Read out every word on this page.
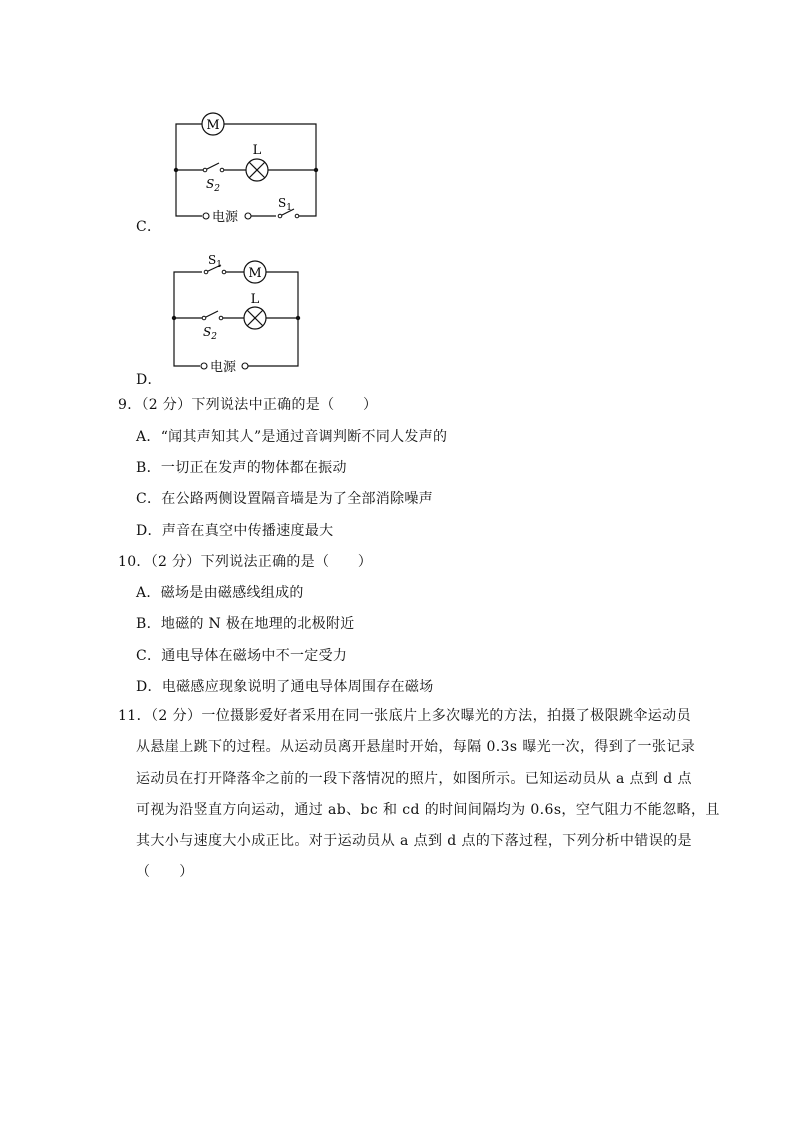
C．
M
L
$S_2$
电源
$S_1$
D．
$S_1$
M
L
$S_2$
电源
9．（2 分）下列说法中正确的是（　　）
A．“闻其声知其人”是通过音调判断不同人发声的
B．一切正在发声的物体都在振动
C．在公路两侧设置隔音墙是为了全部消除噪声
D．声音在真空中传播速度最大
10．（2 分）下列说法正确的是（　　）
A．磁场是由磁感线组成的
B．地磁的 N 极在地理的北极附近
C．通电导体在磁场中不一定受力
D．电磁感应现象说明了通电导体周围存在磁场
11．（2 分）一位摄影爱好者采用在同一张底片上多次曝光的方法，拍摄了极限跳伞运动员
从悬崖上跳下的过程。从运动员离开悬崖时开始，每隔 0.3s 曝光一次，得到了一张记录
运动员在打开降落伞之前的一段下落情况的照片，如图所示。已知运动员从 a 点到 d 点
可视为沿竖直方向运动，通过 ab、bc 和 cd 的时间间隔均为 0.6s，空气阻力不能忽略，且
其大小与速度大小成正比。对于运动员从 a 点到 d 点的下落过程，下列分析中错误的是
（　　）
